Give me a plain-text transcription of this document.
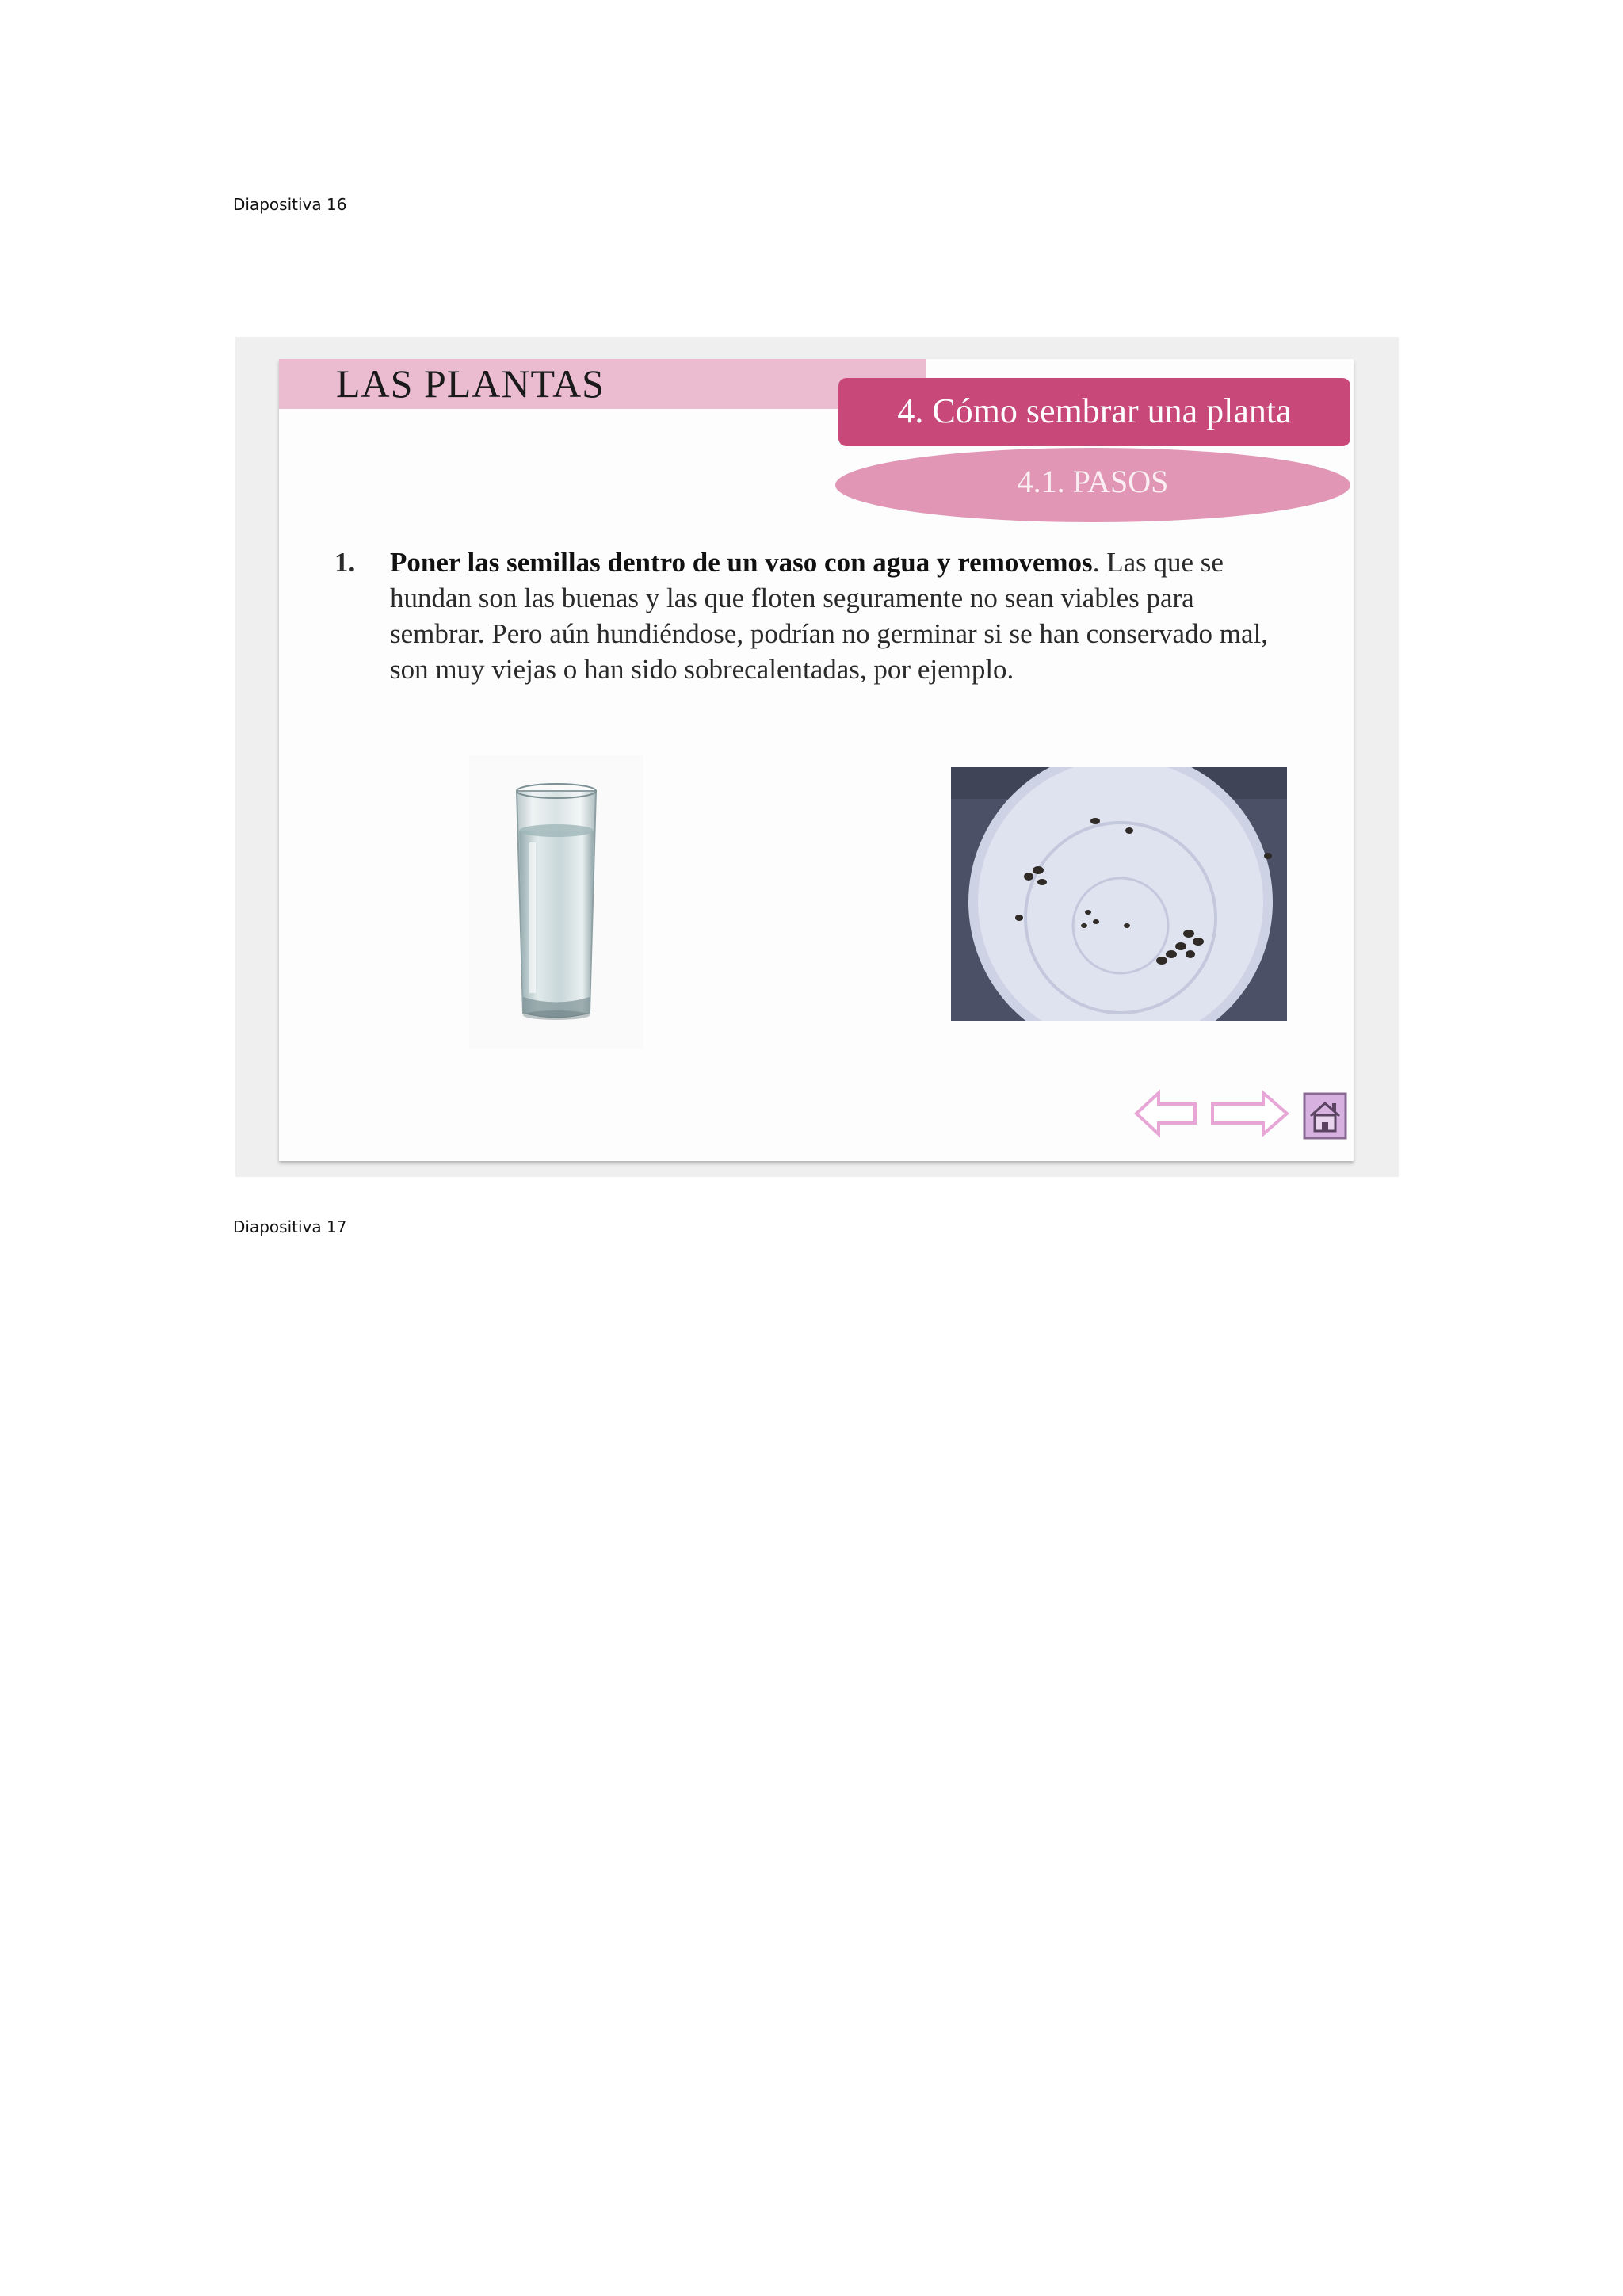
Diapositiva 16
LAS PLANTAS
4. Cómo sembrar una planta
4.1. PASOS
1. Poner las semillas dentro de un vaso con agua y removemos. Las que se hundan son las buenas y las que floten seguramente no sean viables para sembrar. Pero aún hundiéndose, podrían no germinar si se han conservado mal, son muy viejas o han sido sobrecalentadas, por ejemplo.
Diapositiva 17
